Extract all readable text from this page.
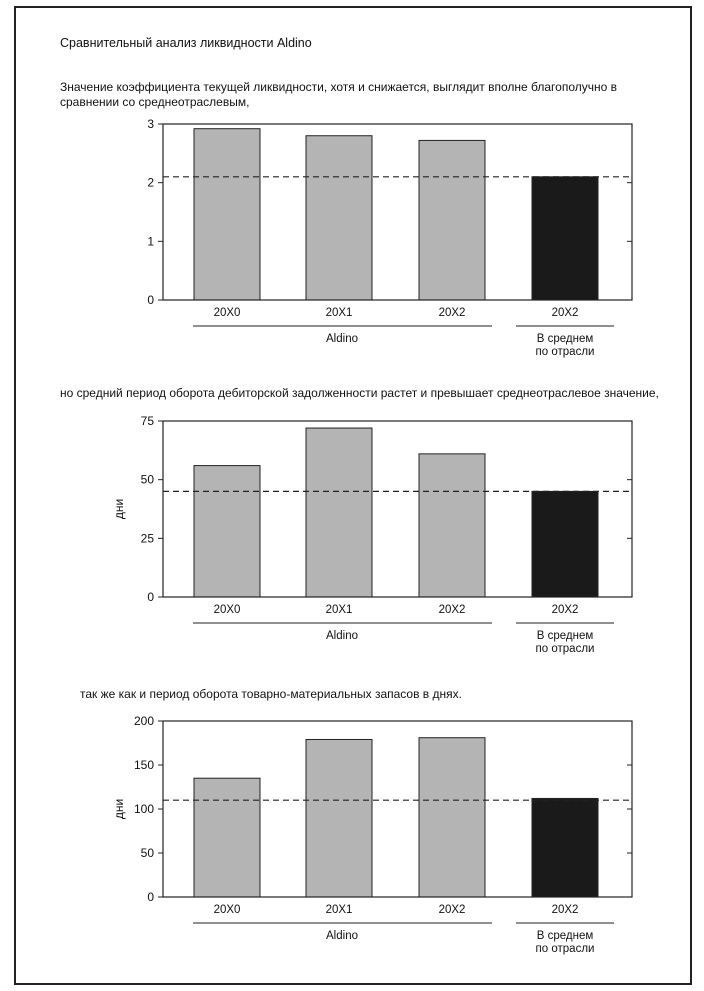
Сравнительный анализ ликвидности Aldino
Значение коэффициента текущей ликвидности, хотя и снижается, выглядит вполне благополучно в сравнении со среднеотраслевым,
0
1
2
3
20X0	20X1	20X2	20X2
Aldino	В среднем
по отрасли
но средний период оборота дебиторской задолженности растет и превышает среднеотраслевое значение,
0
25
50
75
дни
20X0	20X1	20X2	20X2
Aldino	В среднем
по отрасли
так же как и период оборота товарно-материальных запасов в днях.
0
50
100
150
200
дни
20X0	20X1	20X2	20X2
Aldino	В среднем
по отрасли
